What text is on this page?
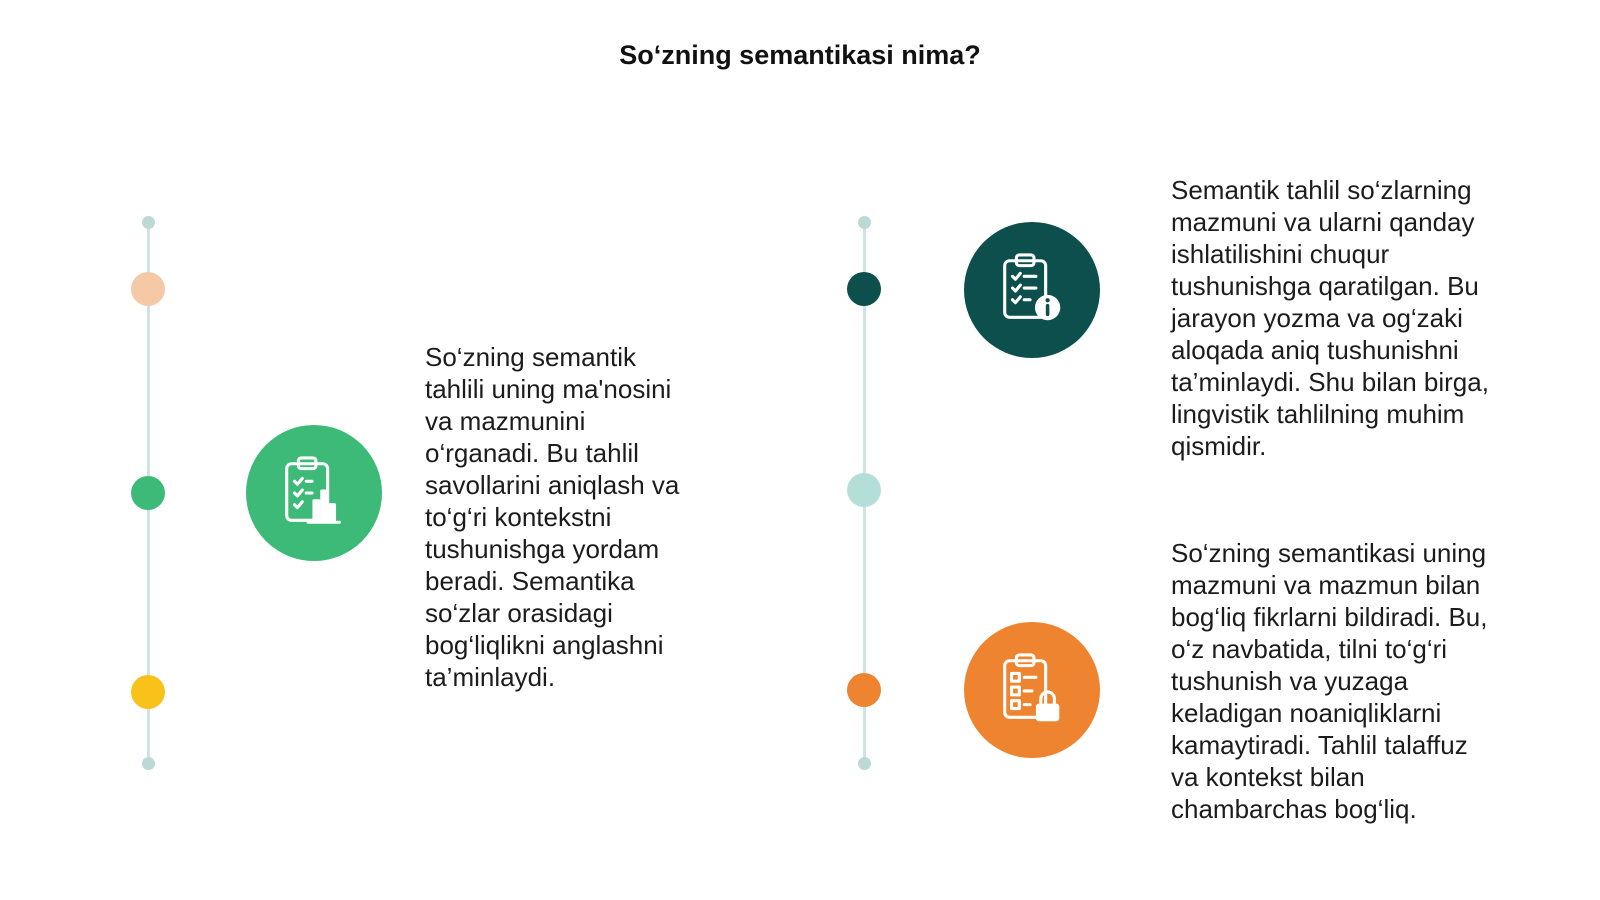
So‘zning semantikasi nima?
So‘zning semantik
tahlili uning ma'nosini
va mazmunini
o‘rganadi. Bu tahlil
savollarini aniqlash va
to‘g‘ri kontekstni
tushunishga yordam
beradi. Semantika
so‘zlar orasidagi
bog‘liqlikni anglashni
ta’minlaydi.
Semantik tahlil so‘zlarning
mazmuni va ularni qanday
ishlatilishini chuqur
tushunishga qaratilgan. Bu
jarayon yozma va og‘zaki
aloqada aniq tushunishni
ta’minlaydi. Shu bilan birga,
lingvistik tahlilning muhim
qismidir.
So‘zning semantikasi uning
mazmuni va mazmun bilan
bog‘liq fikrlarni bildiradi. Bu,
o‘z navbatida, tilni to‘g‘ri
tushunish va yuzaga
keladigan noaniqliklarni
kamaytiradi. Tahlil talaffuz
va kontekst bilan
chambarchas bog‘liq.
